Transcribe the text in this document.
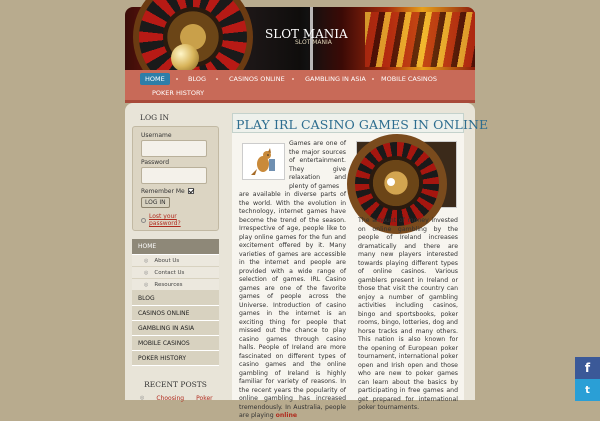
SLOT MANIA
SLOT MANIA
HOME	BLOG	CASINOS ONLINE	GAMBLING IN ASIA	MOBILE CASINOS
POKER HISTORY
LOG IN
Username
Password
Remember Me
LOG IN
Lost your password?
HOME
◎ About Us
◎ Contact Us
◎ Resources
BLOG
CASINOS ONLINE
GAMBLING IN ASIA
MOBILE CASINOS
POKER HISTORY
RECENT POSTS
◎ Choosing Poker
PLAY IRL CASINO GAMES IN ONLINE
Games are one of the major sources of entertainment. They give relaxation and plenty of games
are available in diverse parts of the world. With the evolution in technology, internet games have become the trend of the season. Irrespective of age, people like to play online games for the fun and excitement offered by it. Many varieties of games are accessible in the internet and people are provided with a wide range of selection of games. IRL Casino games are one of the favorite games of people across the Universe. Introduction of casino games in the internet is an exciting thing for people that missed out the chance to play casino games through casino halls. People of Ireland are more fascinated on different types of casino games and the online gambling of Ireland is highly familiar for variety of reasons. In the recent years the popularity of online gambling has increased tremendously. In Australia, people are playing online
The amount of money invested on online gambling by the people of Ireland increases dramatically and there are many new players interested towards playing different types of online casinos. Various gamblers present in Ireland or those that visit the country can enjoy a number of gambling activities including casinos, bingo and sportsbooks, poker rooms, bingo, lotteries, dog and horse tracks and many others. This nation is also known for the opening of European poker tournament, international poker open and Irish open and those who are new to poker games can learn about the basics by participating in free games and get prepared for international poker tournaments.
f
t
